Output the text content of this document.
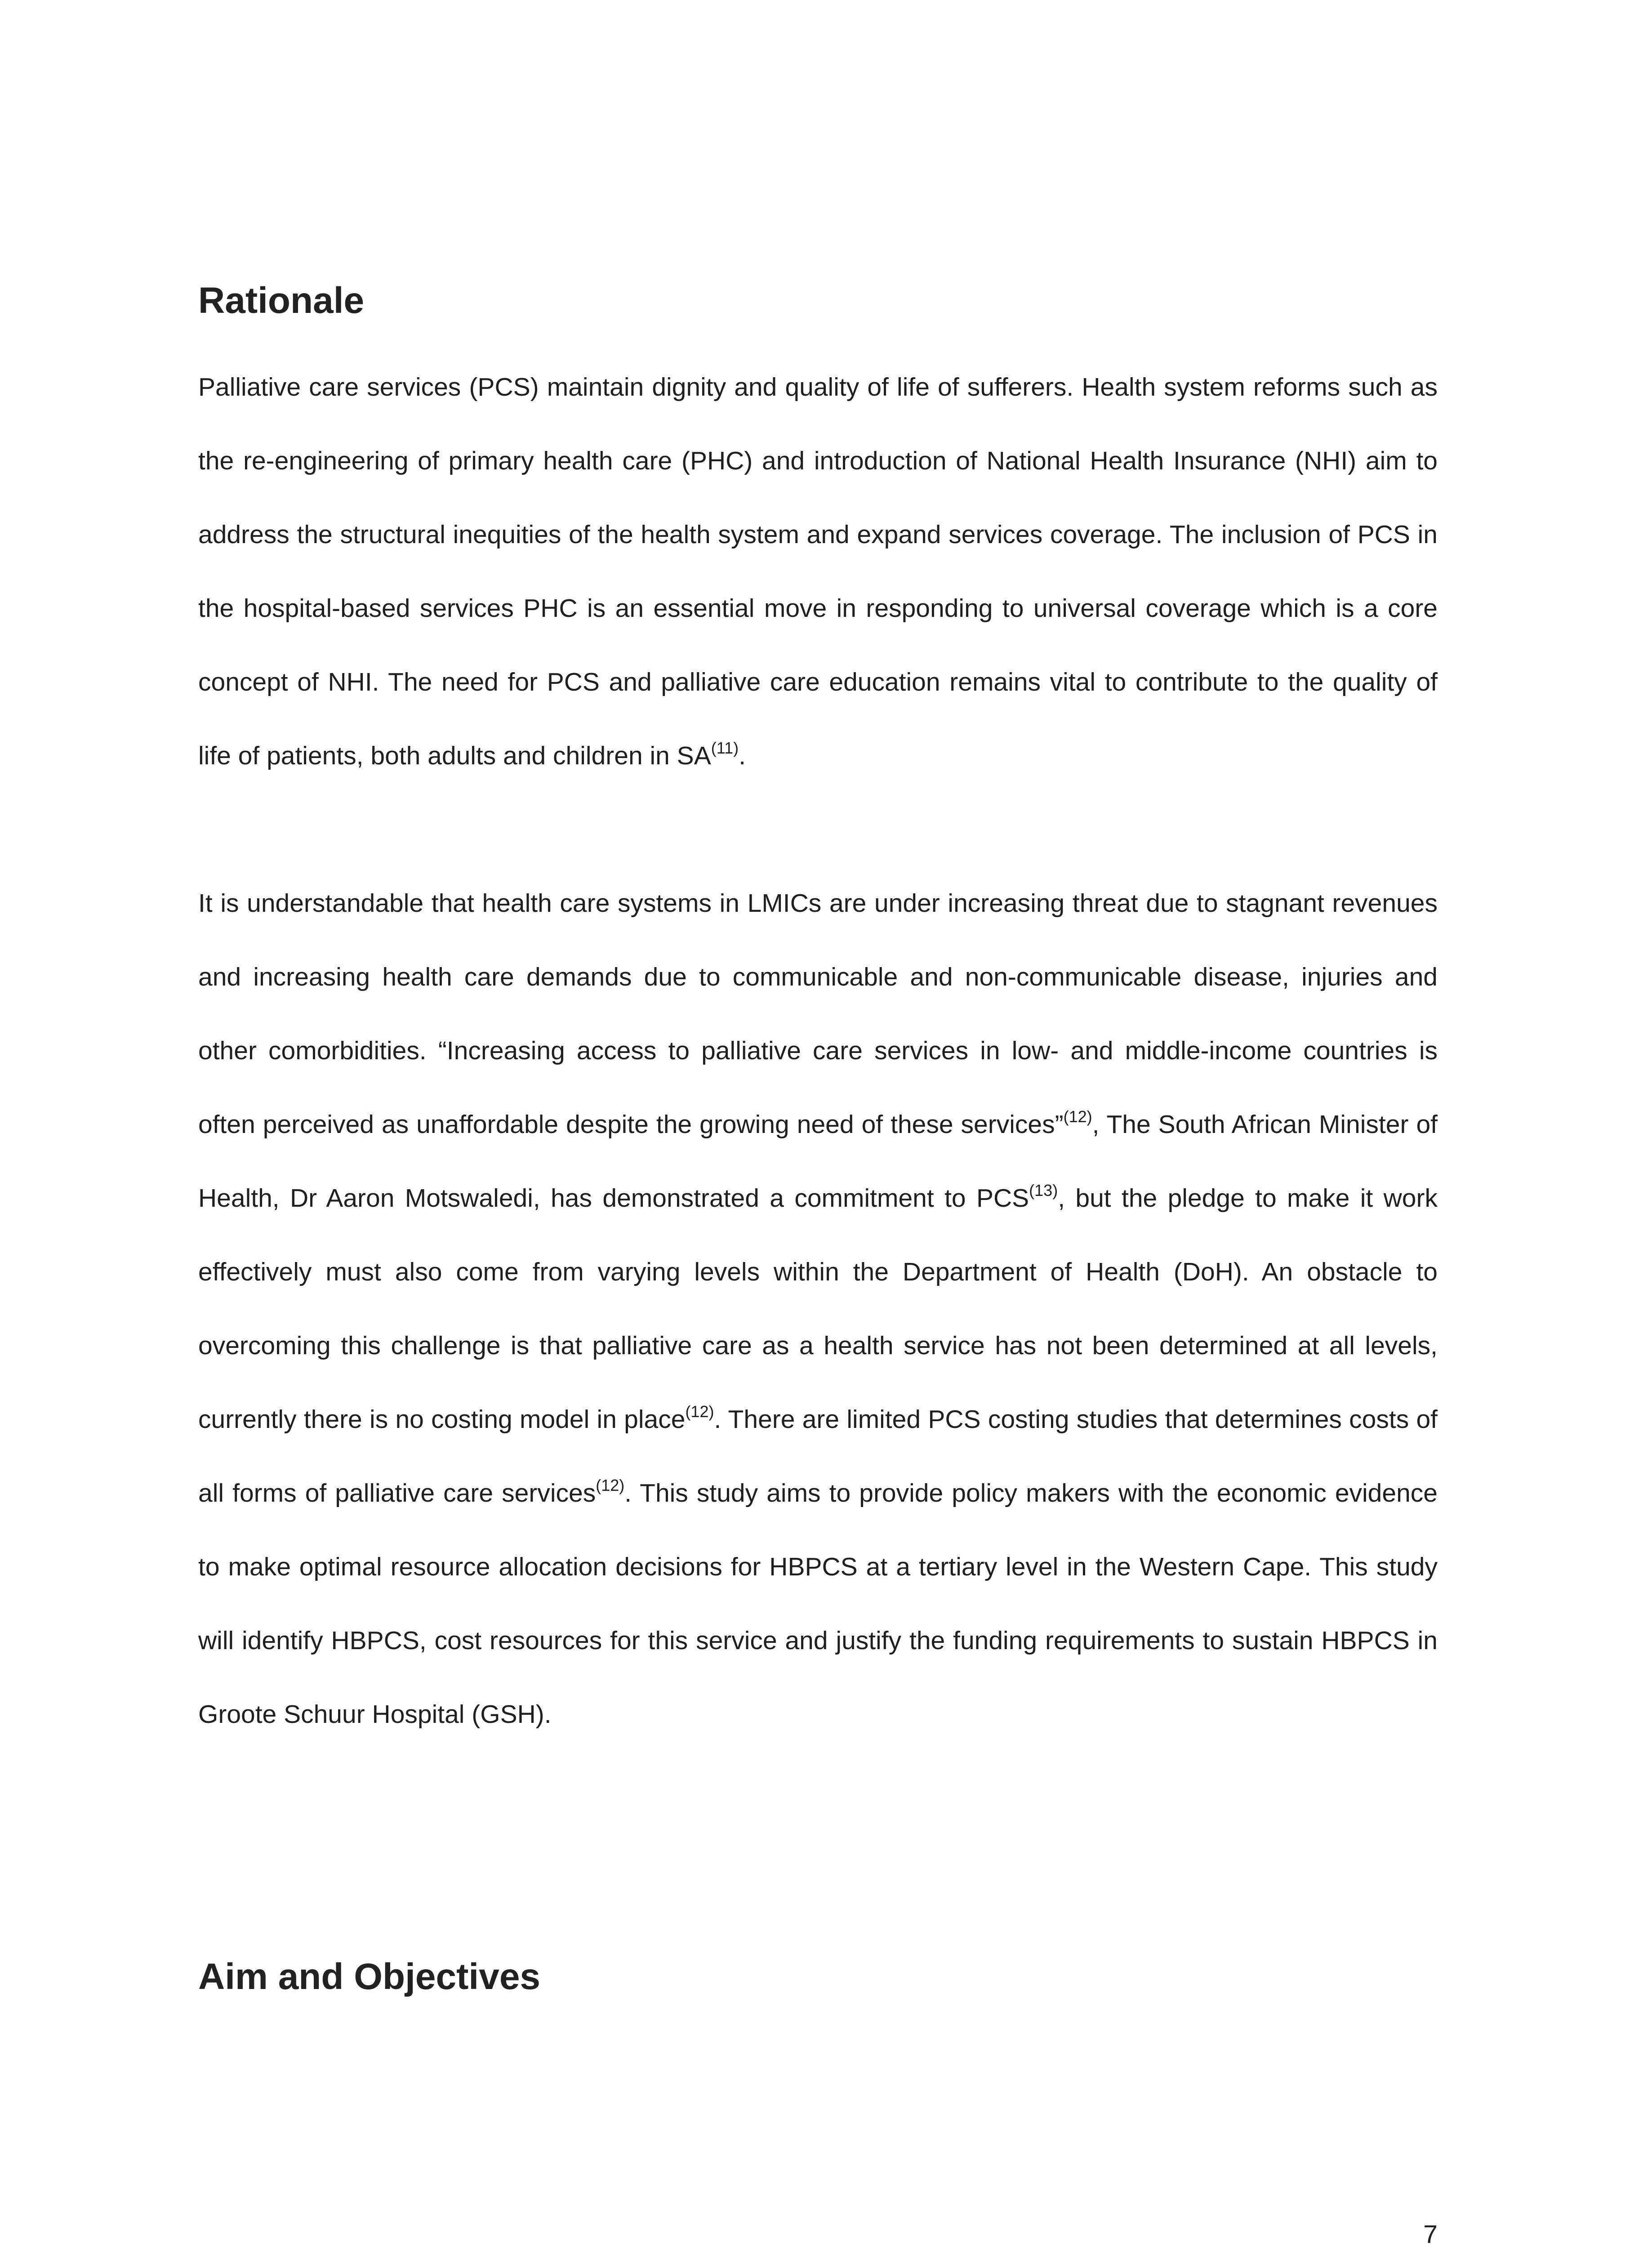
Rationale

Palliative care services (PCS) maintain dignity and quality of life of sufferers. Health system reforms such as the re-engineering of primary health care (PHC) and introduction of National Health Insurance (NHI) aim to address the structural inequities of the health system and expand services coverage. The inclusion of PCS in the hospital-based services PHC is an essential move in responding to universal coverage which is a core concept of NHI. The need for PCS and palliative care education remains vital to contribute to the quality of life of patients, both adults and children in SA$^{(11)}$.

It is understandable that health care systems in LMICs are under increasing threat due to stagnant revenues and increasing health care demands due to communicable and non-communicable disease, injuries and other comorbidities. “Increasing access to palliative care services in low- and middle-income countries is often perceived as unaffordable despite the growing need of these services”$^{(12)}$, The South African Minister of Health, Dr Aaron Motswaledi, has demonstrated a commitment to PCS$^{(13)}$, but the pledge to make it work effectively must also come from varying levels within the Department of Health (DoH). An obstacle to overcoming this challenge is that palliative care as a health service has not been determined at all levels, currently there is no costing model in place$^{(12)}$. There are limited PCS costing studies that determines costs of all forms of palliative care services$^{(12)}$. This study aims to provide policy makers with the economic evidence to make optimal resource allocation decisions for HBPCS at a tertiary level in the Western Cape. This study will identify HBPCS, cost resources for this service and justify the funding requirements to sustain HBPCS in Groote Schuur Hospital (GSH).

Aim and Objectives

7
